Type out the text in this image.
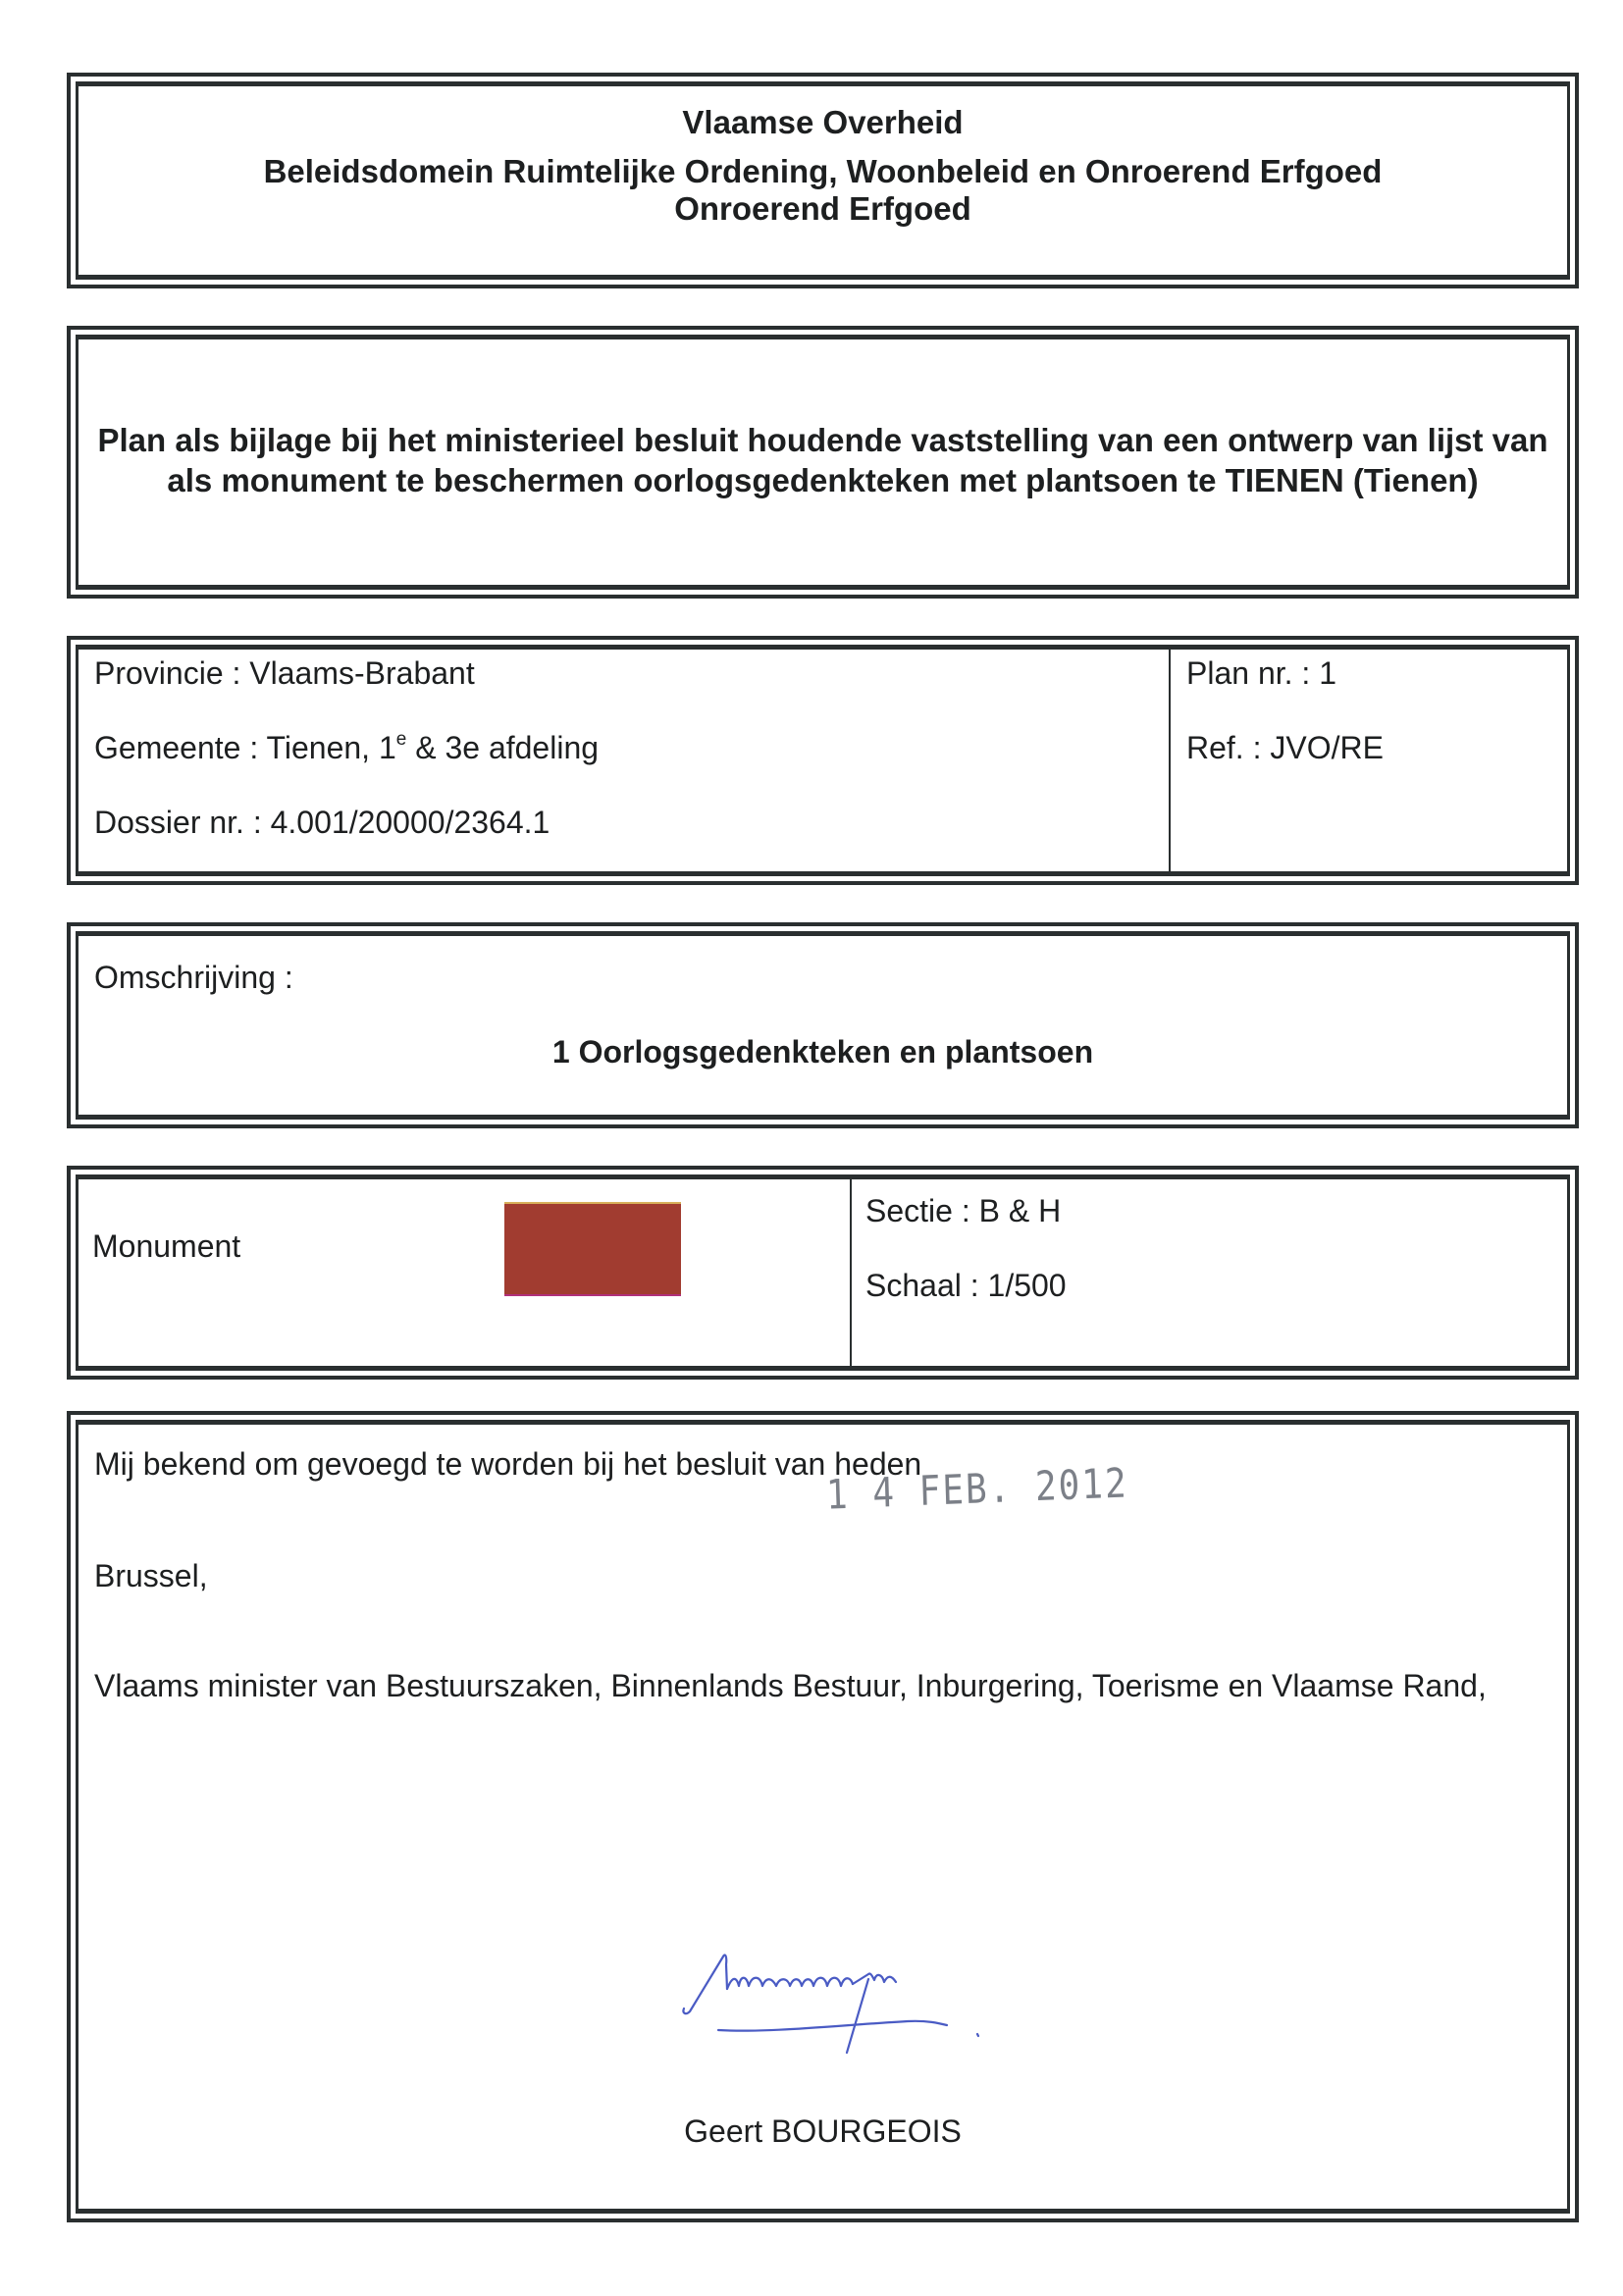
Vlaamse Overheid
Beleidsdomein Ruimtelijke Ordening, Woonbeleid en Onroerend Erfgoed
Onroerend Erfgoed
Plan als bijlage bij het ministerieel besluit houdende vaststelling van een ontwerp van lijst van
als monument te beschermen oorlogsgedenkteken met plantsoen te TIENEN (Tienen)
Provincie : Vlaams-Brabant
Gemeente : Tienen, 1e & 3e afdeling
Dossier nr. : 4.001/20000/2364.1
Plan nr. : 1
Ref. : JVO/RE
Omschrijving :
1 Oorlogsgedenkteken en plantsoen
Monument
Sectie : B & H
Schaal : 1/500
Mij bekend om gevoegd te worden bij het besluit van heden
1 4 FEB. 2012
Brussel,
Vlaams minister van Bestuurszaken, Binnenlands Bestuur, Inburgering, Toerisme en Vlaamse Rand,
Geert BOURGEOIS
